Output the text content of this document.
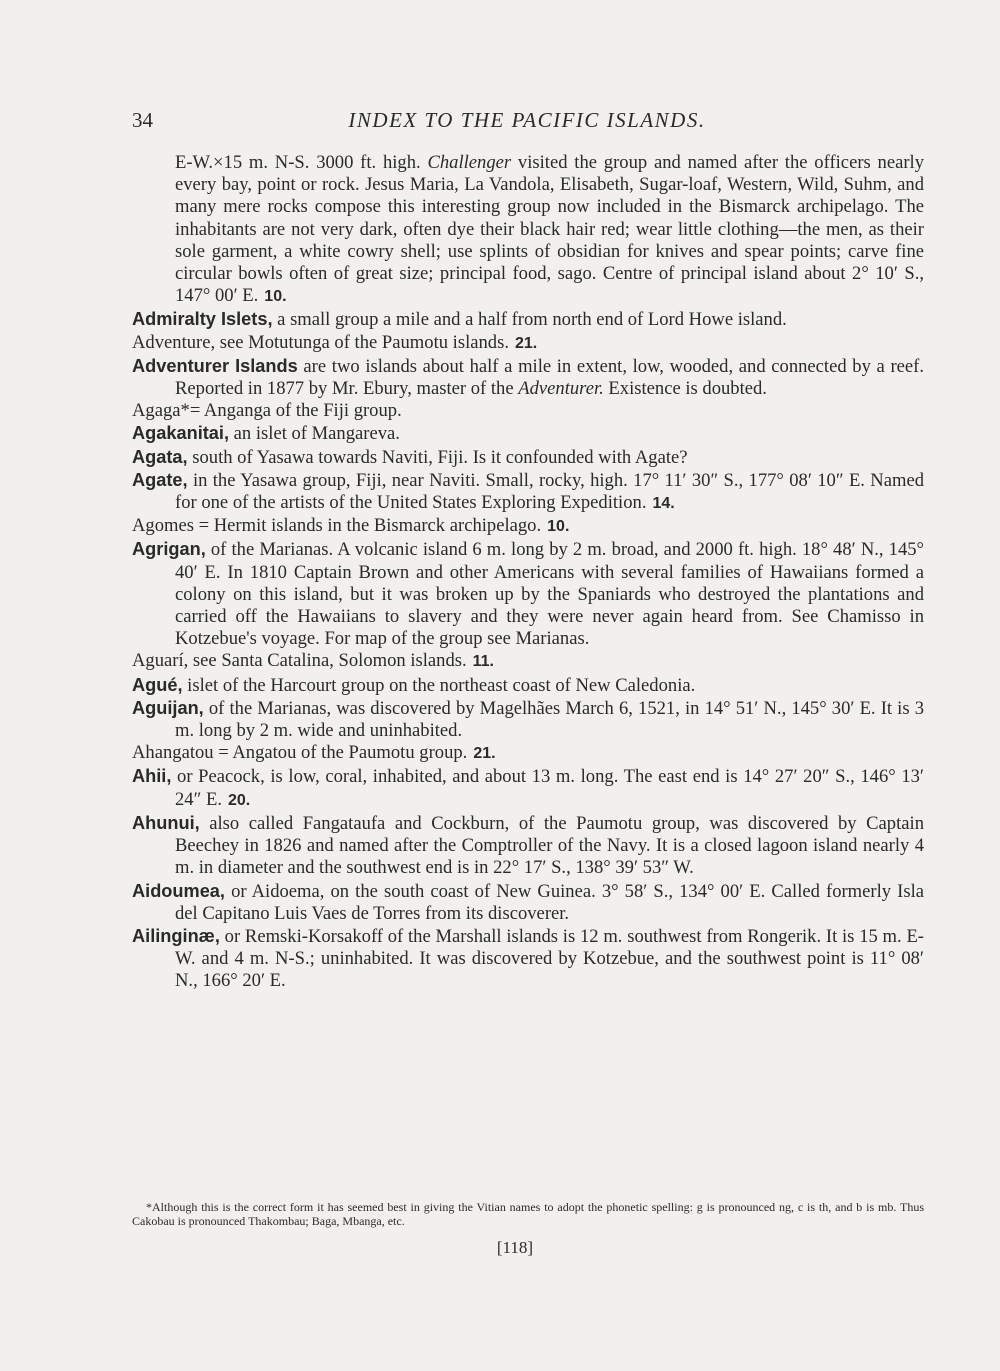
34	INDEX TO THE PACIFIC ISLANDS.

E-W.×15 m. N-S. 3000 ft. high. Challenger visited the group and named after the officers nearly every bay, point or rock. Jesus Maria, La Vandola, Elisabeth, Sugar-loaf, Western, Wild, Suhm, and many mere rocks compose this interesting group now included in the Bismarck archipelago. The inhabitants are not very dark, often dye their black hair red; wear little clothing—the men, as their sole garment, a white cowry shell; use splints of obsidian for knives and spear points; carve fine circular bowls often of great size; principal food, sago. Centre of principal island about 2° 10′ S., 147° 00′ E. 10.

Admiralty Islets, a small group a mile and a half from north end of Lord Howe island.

Adventure, see Motutunga of the Paumotu islands. 21.

Adventurer Islands are two islands about half a mile in extent, low, wooded, and connected by a reef. Reported in 1877 by Mr. Ebury, master of the Adventurer. Existence is doubted.

Agaga*= Anganga of the Fiji group.

Agakanitai, an islet of Mangareva.

Agata, south of Yasawa towards Naviti, Fiji. Is it confounded with Agate?

Agate, in the Yasawa group, Fiji, near Naviti. Small, rocky, high. 17° 11′ 30″ S., 177° 08′ 10″ E. Named for one of the artists of the United States Exploring Expedition. 14.

Agomes = Hermit islands in the Bismarck archipelago. 10.

Agrigan, of the Marianas. A volcanic island 6 m. long by 2 m. broad, and 2000 ft. high. 18° 48′ N., 145° 40′ E. In 1810 Captain Brown and other Americans with several families of Hawaiians formed a colony on this island, but it was broken up by the Spaniards who destroyed the plantations and carried off the Hawaiians to slavery and they were never again heard from. See Chamisso in Kotzebue's voyage. For map of the group see Marianas.

Aguarí, see Santa Catalina, Solomon islands. 11.

Agué, islet of the Harcourt group on the northeast coast of New Caledonia.

Aguijan, of the Marianas, was discovered by Magelhães March 6, 1521, in 14° 51′ N., 145° 30′ E. It is 3 m. long by 2 m. wide and uninhabited.

Ahangatou = Angatou of the Paumotu group. 21.

Ahii, or Peacock, is low, coral, inhabited, and about 13 m. long. The east end is 14° 27′ 20″ S., 146° 13′ 24″ E. 20.

Ahunui, also called Fangataufa and Cockburn, of the Paumotu group, was discovered by Captain Beechey in 1826 and named after the Comptroller of the Navy. It is a closed lagoon island nearly 4 m. in diameter and the southwest end is in 22° 17′ S., 138° 39′ 53″ W.

Aidoumea, or Aidoema, on the south coast of New Guinea. 3° 58′ S., 134° 00′ E. Called formerly Isla del Capitano Luis Vaes de Torres from its discoverer.

Ailinginæ, or Remski-Korsakoff of the Marshall islands is 12 m. southwest from Rongerik. It is 15 m. E-W. and 4 m. N-S.; uninhabited. It was discovered by Kotzebue, and the southwest point is 11° 08′ N., 166° 20′ E.

*Although this is the correct form it has seemed best in giving the Vitian names to adopt the phonetic spelling: g is pronounced ng, c is th, and b is mb. Thus Cakobau is pronounced Thakombau; Baga, Mbanga, etc.
[118]
